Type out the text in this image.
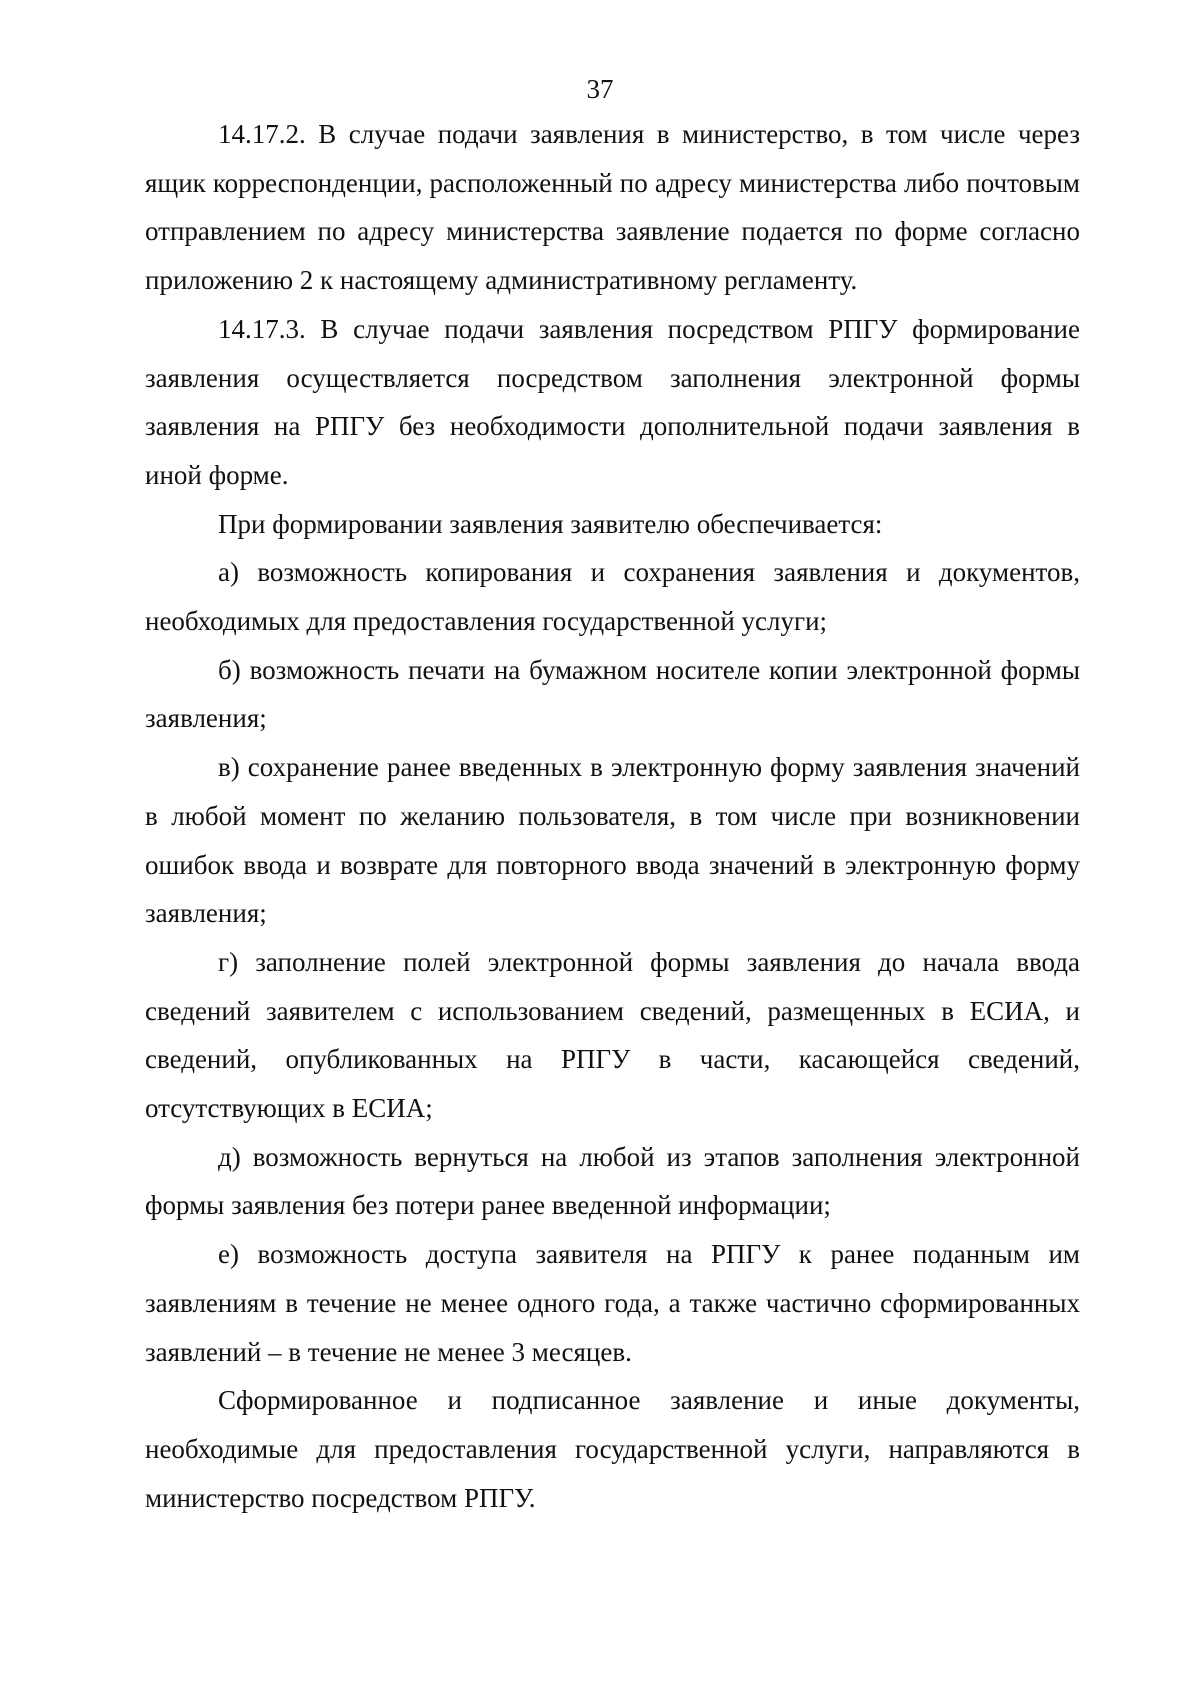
37

14.17.2. В случае подачи заявления в министерство, в том числе через ящик корреспонденции, расположенный по адресу министерства либо почтовым отправлением по адресу министерства заявление подается по форме согласно приложению 2 к настоящему административному регламенту.

14.17.3. В случае подачи заявления посредством РПГУ формирование заявления осуществляется посредством заполнения электронной формы заявления на РПГУ без необходимости дополнительной подачи заявления в иной форме.

При формировании заявления заявителю обеспечивается:

а) возможность копирования и сохранения заявления и документов, необходимых для предоставления государственной услуги;

б) возможность печати на бумажном носителе копии электронной формы заявления;

в) сохранение ранее введенных в электронную форму заявления значений в любой момент по желанию пользователя, в том числе при возникновении ошибок ввода и возврате для повторного ввода значений в электронную форму заявления;

г) заполнение полей электронной формы заявления до начала ввода сведений заявителем с использованием сведений, размещенных в ЕСИА, и сведений, опубликованных на РПГУ в части, касающейся сведений, отсутствующих в ЕСИА;

д) возможность вернуться на любой из этапов заполнения электронной формы заявления без потери ранее введенной информации;

е) возможность доступа заявителя на РПГУ к ранее поданным им заявлениям в течение не менее одного года, а также частично сформированных заявлений – в течение не менее 3 месяцев.

Сформированное и подписанное заявление и иные документы, необходимые для предоставления государственной услуги, направляются в министерство посредством РПГУ.
